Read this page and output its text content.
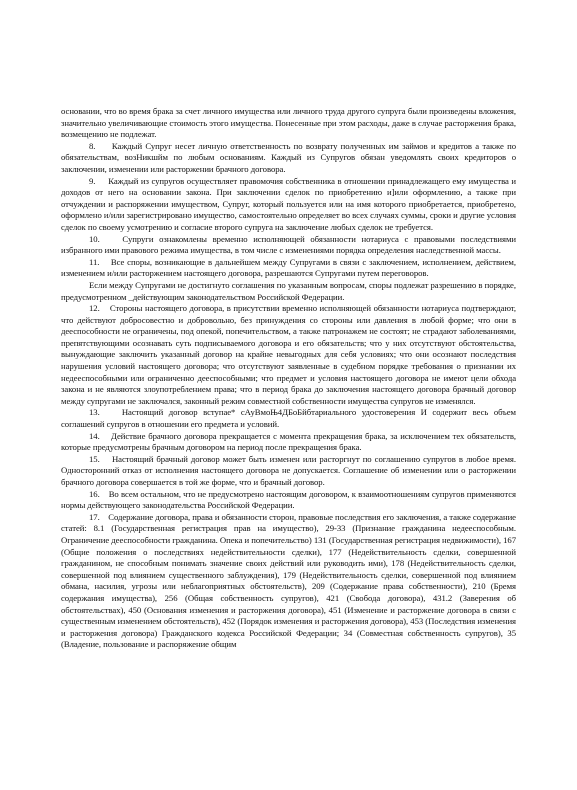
основании, что во время брака за счет личного имущества или личного труда другого супруга были произведены вложения, значительно увеличивающие стоимость этого имущества. Понесенные при этом расходы, даже в случае расторжения брака, возмещению не подлежат.

8.     Каждый Супруг несет личную ответственность по возврату полученных им займов и кредитов а также по обязательствам, возНикшйм по любым основаниям. Каждый из Супругов обязан уведомлять своих кредиторов о заключении, изменении или расторжении брачного договора.

9.     Каждый из супругов осуществляет правомочия собственника в отношении принадлежащего ему имущества и доходов от него на основании закона. При заключении сделок по приобретению и]или оформлению, а также при отчуждении и распоряжении имуществом, Супруг, который пользуется или на имя которого приобретается, приобретено, оформлено и/или зарегистрировано имущество, самостоятельно определяет во всех случаях суммы, сроки и другие условия сделок по своему усмотрению и согласие второго супруга на заключение любых сделок не требуется.

10.    Супруги ознакомлены временно исполняющей обязанности нотариуса с правовыми последствиями избранного ими правового режима имущества, в том числе с изменениями порядка определения наследственной массы.

11.    Все споры, возникающие в дальнейшем между Супругами в связи с заключением, исполнением, действием, изменением и/или расторжением настоящего договора, разрешаются Супругами путем переговоров.

Если между Супругами не достигнуто соглашения по указанным вопросам, споры подлежат разрешению в порядке, предусмотренном _действующим законодательством Российской Федерации.

12.    Стороны настоящего договора, в присутствии временно исполняющей обязанности нотариуса подтверждают, что действуют добросовестно и добровольно, без принуждения со стороны или давления в любой форме; что они в дееспособности не ограничены, под опекой, попечительством, а также патронажем не состоят; не страдают заболеваниями, препятствующими осознавать суть подписываемого договора и его обязательств; что у них отсутствуют обстоятельства, вынуждающие заключить указанный договор на крайне невыгодных для себя условиях; что они осознают последствия нарушения условий настоящего договора; что отсутствуют заявленные в судебном порядке требования о признании их недееспособными или ограниченно дееспособными; что предмет и условия настоящего договора не имеют цели обхода закона и не являются злоупотреблением права; что в период брака до заключения настоящего договора брачный договор между супругами не заключался, законный режим совместной собственности имущества супругов не изменялся.

13.    Настоящий договор вступае* сАуВмоЊ4ДБоБйбтариального удостоверения И содержит весь объем соглашений супругов в отношении его предмета и условий.

14.    Действие брачного договора прекращается с момента прекращения брака, за исключением тех обязательств, которые предусмотрены брачным договором на период после прекращения брака.

15.    Настоящий брачный договор может быть изменен или расторгнут по соглашению супругов в любое время. Односторонний отказ от исполнения настоящего договора не допускается. Соглашение об изменении или о расторжении брачного договора совершается в той же форме, что и брачный договор.

16.    Во всем остальном, что не предусмотрено настоящим договором, к взаимоотношениям супругов применяются нормы действующего законодательства Российской Федерации.

17.    Содержание договора, права и обязанности сторон, правовые последствия его заключения, а также содержание статей: 8.1 (Государственная регистрация прав на имущество), 29-33 (Признание гражданина недееспособным. Ограничение дееспособности гражданина. Опека и попечительство) 131 (Государственная регистрация недвижимости), 167 (Общие положения о последствиях недействительности сделки), 177 (Недействительность сделки, совершенной гражданином, не способным понимать значение своих действий или руководить ими), 178 (Недействительность сделки, совершенной под влиянием существенного заблуждения), 179 (Недействительность сделки, совершенной под влиянием обмана, насилия, угрозы или неблагоприятных обстоятельств), 209 (Содержание права собственности), 210 (Бремя содержания имущества), 256 (Общая собственность супругов), 421 (Свобода договора), 431.2 (Заверения об обстоятельствах), 450 (Основания изменения и расторжения договора), 451 (Изменение и расторжение договора в связи с существенным изменением обстоятельств), 452 (Порядок изменения и расторжения договора), 453 (Последствия изменения и расторжения договора) Гражданского кодекса Российской Федерации; 34 (Совместная собственность супругов), 35 (Владение, пользование и распоряжение общим
